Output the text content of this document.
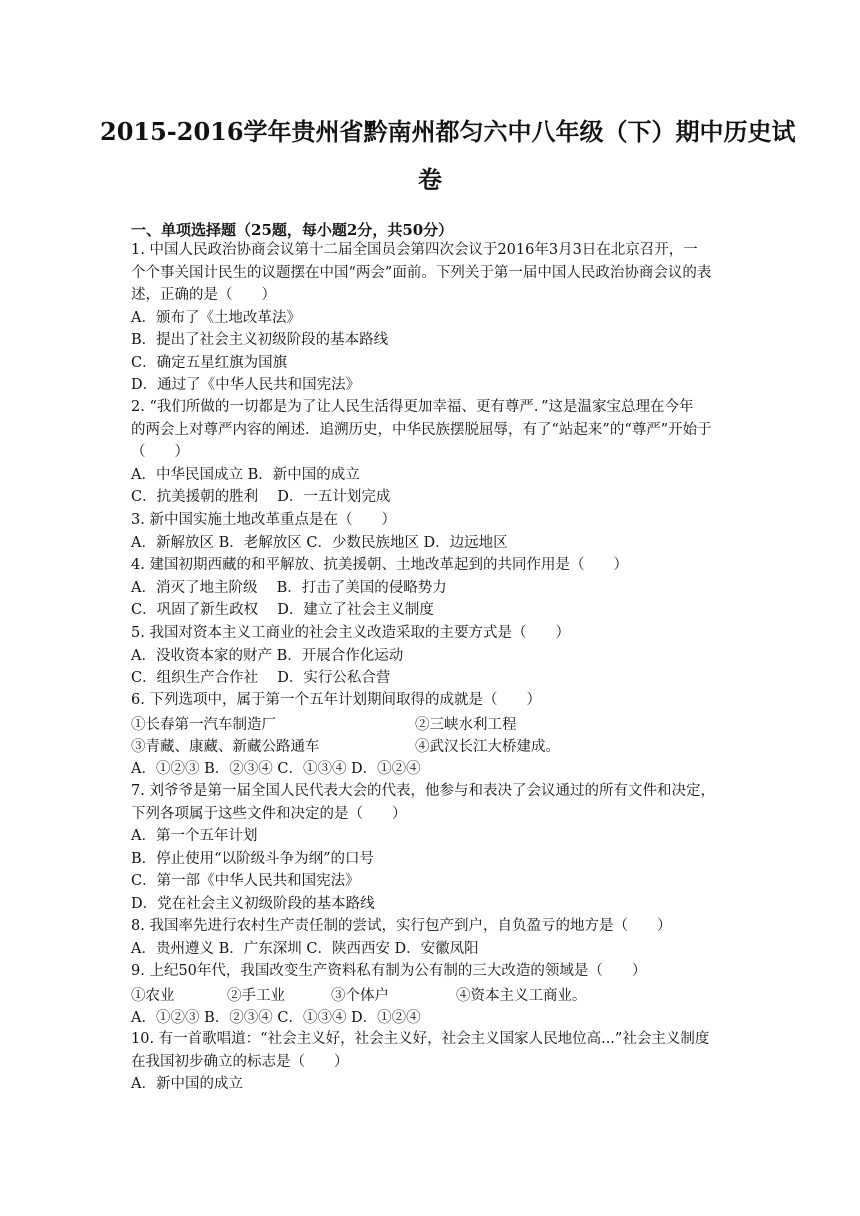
2015-2016学年贵州省黔南州都匀六中八年级（下）期中历史试
卷
一、单项选择题（25题，每小题2分，共50分）
1. 中国人民政治协商会议第十二届全国员会第四次会议于2016年3月3日在北京召开，一
个个事关国计民生的议题摆在中国“两会”面前。下列关于第一届中国人民政治协商会议的表
述，正确的是（　　）
A．颁布了《土地改革法》
B．提出了社会主义初级阶段的基本路线
C．确定五星红旗为国旗
D．通过了《中华人民共和国宪法》
2. “我们所做的一切都是为了让人民生活得更加幸福、更有尊严．”这是温家宝总理在今年
的两会上对尊严内容的阐述．追溯历史，中华民族摆脱屈辱，有了“站起来”的“尊严”开始于
（　　）
A．中华民国成立 B．新中国的成立
C．抗美援朝的胜利　 D．一五计划完成
3. 新中国实施土地改革重点是在（　　）
A．新解放区 B．老解放区 C．少数民族地区 D．边远地区
4. 建国初期西藏的和平解放、抗美援朝、土地改革起到的共同作用是（　　）
A．消灭了地主阶级　 B．打击了美国的侵略势力
C．巩固了新生政权　 D．建立了社会主义制度
5. 我国对资本主义工商业的社会主义改造采取的主要方式是（　　）
A．没收资本家的财产 B．开展合作化运动
C．组织生产合作社　 D．实行公私合营
6. 下列选项中，属于第一个五年计划期间取得的成就是（　　）
①长春第一汽车制造厂	②三峡水利工程
③青藏、康藏、新藏公路通车	④武汉长江大桥建成。
A．①②③ B．②③④ C．①③④ D．①②④
7. 刘爷爷是第一届全国人民代表大会的代表，他参与和表决了会议通过的所有文件和决定，
下列各项属于这些文件和决定的是（　　）
A．第一个五年计划
B．停止使用“以阶级斗争为纲”的口号
C．第一部《中华人民共和国宪法》
D．党在社会主义初级阶段的基本路线
8. 我国率先进行农村生产责任制的尝试，实行包产到户，自负盈亏的地方是（　　）
A．贵州遵义 B．广东深圳 C．陕西西安 D．安徽凤阳
9. 上纪50年代，我国改变生产资料私有制为公有制的三大改造的领域是（　　）
①农业	②手工业	③个体户	④资本主义工商业。
A．①②③ B．②③④ C．①③④ D．①②④
10. 有一首歌唱道：“社会主义好，社会主义好，社会主义国家人民地位高...”社会主义制度
在我国初步确立的标志是（　　）
A．新中国的成立
